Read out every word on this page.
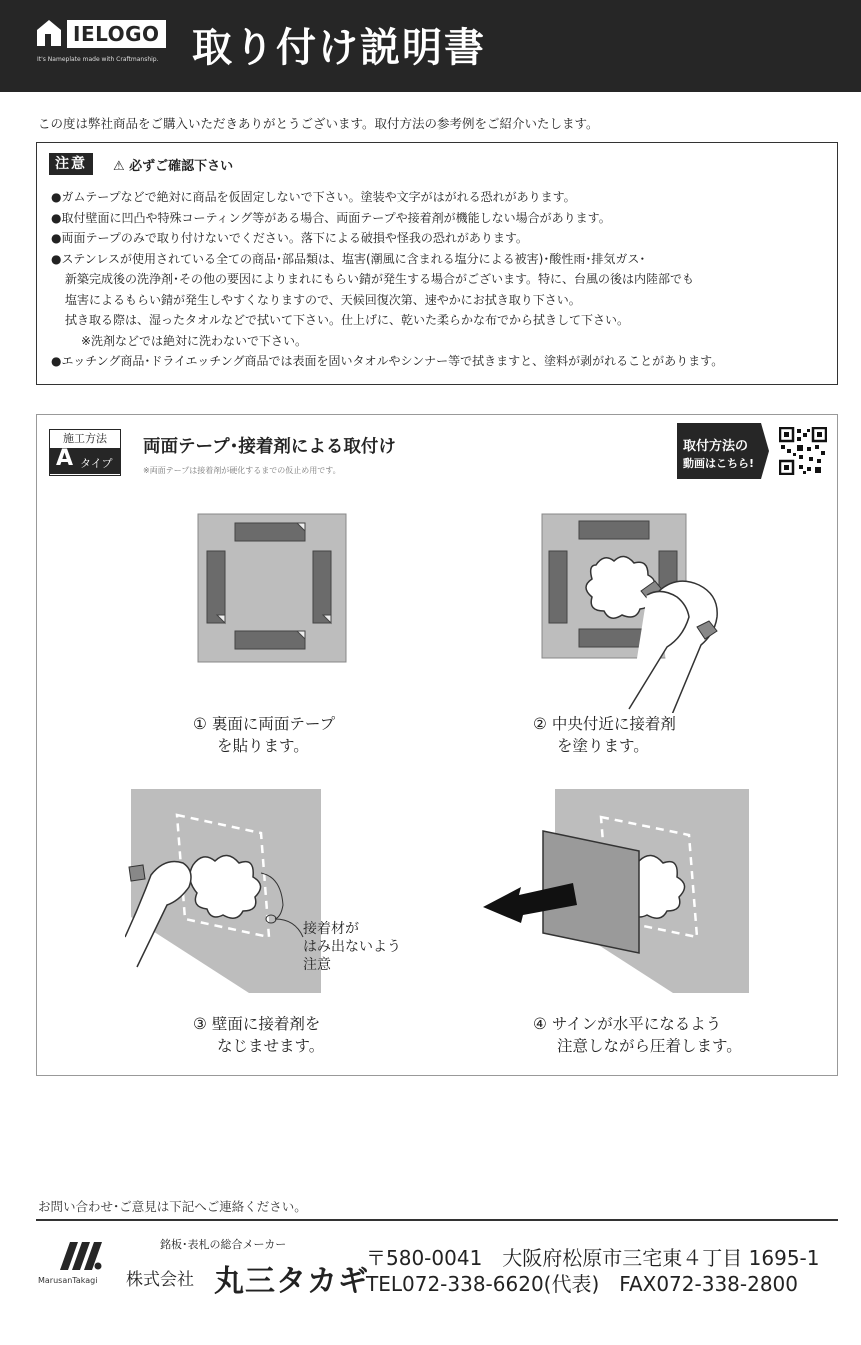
IELOGO
It's Nameplate made with Craftmanship. 取り付け説明書
この度は弊社商品をご購入いただきありがとうございます。取付方法の参考例をご紹介いたします。
注意	⚠ 必ずご確認下さい
●ガムテープなどで絶対に商品を仮固定しないで下さい。塗装や文字がはがれる恐れがあります。
●取付壁面に凹凸や特殊コーティング等がある場合、両面テープや接着剤が機能しない場合があります。
●両面テープのみで取り付けないでください。落下による破損や怪我の恐れがあります。
●ステンレスが使用されている全ての商品･部品類は、塩害(潮風に含まれる塩分による被害)･酸性雨･排気ガス･
新築完成後の洗浄剤･その他の要因によりまれにもらい錆が発生する場合がございます。特に、台風の後は内陸部でも
塩害によるもらい錆が発生しやすくなりますので、天候回復次第、速やかにお拭き取り下さい。
拭き取る際は、湿ったタオルなどで拭いて下さい。仕上げに、乾いた柔らかな布でから拭きして下さい。
※洗剤などでは絶対に洗わないで下さい。
●エッチング商品･ドライエッチング商品では表面を固いタオルやシンナー等で拭きますと、塗料が剥がれることがあります。
施工方法
A タイプ
両面テープ･接着剤による取付け
※両面テープは接着剤が硬化するまでの仮止め用です。
取付方法の
動画はこちら!
① 裏面に両面テープ
を貼ります。
② 中央付近に接着剤
を塗ります。
接着材が
はみ出ないよう
注意
③ 壁面に接着剤を
なじませます。
④ サインが水平になるよう
注意しながら圧着します。
お問い合わせ･ご意見は下記へご連絡ください。
MarusanTakagi
銘板･表札の総合メーカー
株式会社 丸三タカギ
〒580-0041　大阪府松原市三宅東４丁目 1695-1
TEL072-338-6620(代表)　FAX072-338-2800
